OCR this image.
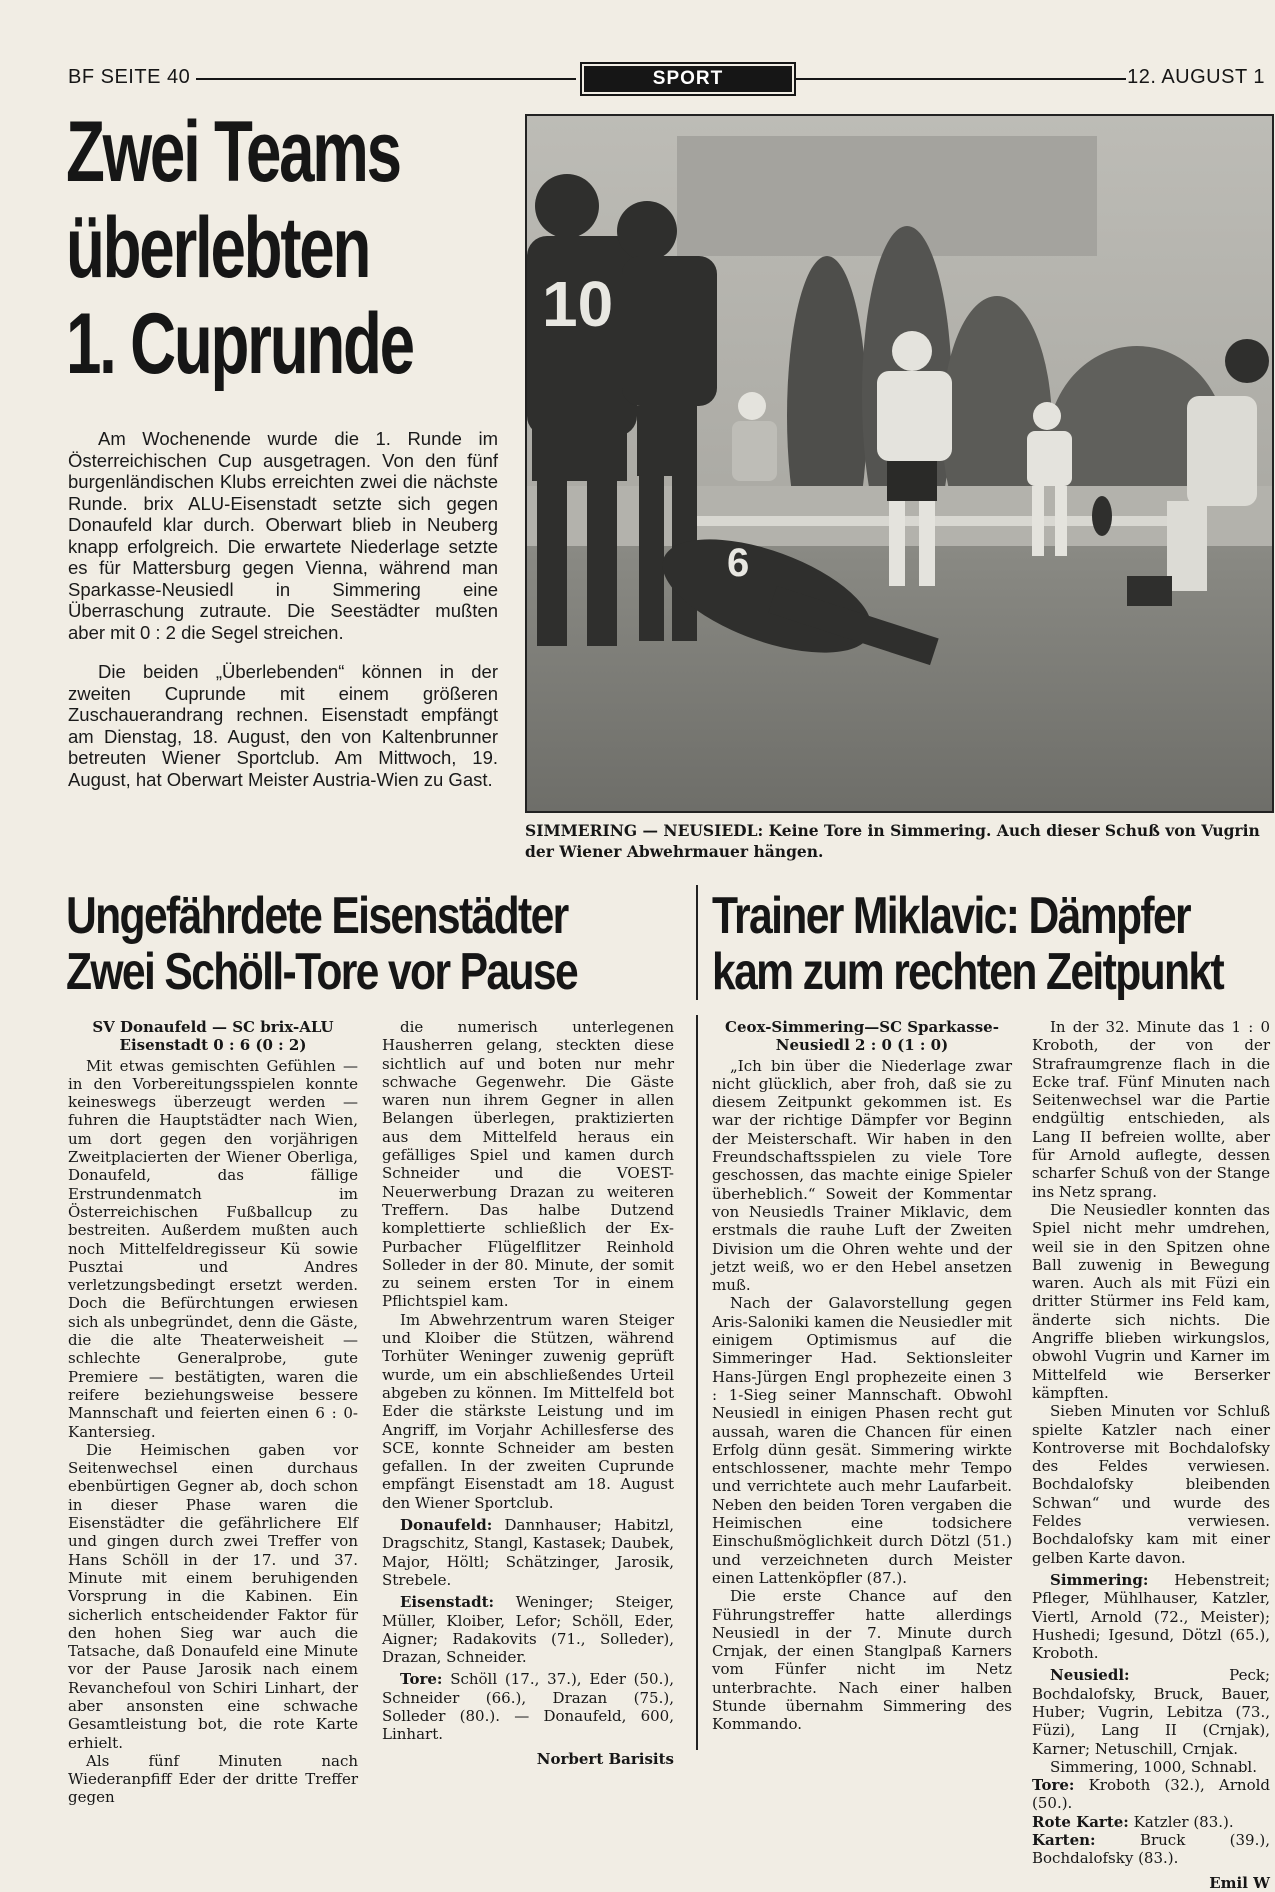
BF SEITE 40	SPORT	12. AUGUST 1
Zwei Teams
überlebten
1. Cuprunde

Am Wochenende wurde die 1. Runde im Österreichischen Cup ausgetragen. Von den fünf burgenländischen Klubs erreichten zwei die nächste Runde. brix ALU-Eisenstadt setzte sich gegen Donaufeld klar durch. Oberwart blieb in Neuberg knapp erfolgreich. Die erwartete Niederlage setzte es für Mattersburg gegen Vienna, während man Sparkasse-Neusiedl in Simmering eine Überraschung zutraute. Die Seestädter mußten aber mit 0 : 2 die Segel streichen.

Die beiden „Überlebenden“ können in der zweiten Cuprunde mit einem größeren Zuschauerandrang rechnen. Eisenstadt empfängt am Dienstag, 18. August, den von Kaltenbrunner betreuten Wiener Sportclub. Am Mittwoch, 19. August, hat Oberwart Meister Austria-Wien zu Gast.

10
6
SIMMERING — NEUSIEDL: Keine Tore in Simmering. Auch dieser Schuß von Vugrin
der Wiener Abwehrmauer hängen.
Ungefährdete Eisenstädter
Zwei Schöll-Tore vor Pause
Trainer Miklavic: Dämpfer
kam zum rechten Zeitpunkt

SV Donaufeld — SC brix-ALU Eisenstadt 0 : 6 (0 : 2)

Mit etwas gemischten Gefühlen — in den Vorbereitungsspielen konnte keineswegs überzeugt werden — fuhren die Hauptstädter nach Wien, um dort gegen den vorjährigen Zweitplacierten der Wiener Oberliga, Donaufeld, das fällige Erstrundenmatch im Österreichischen Fußballcup zu bestreiten. Außerdem mußten auch noch Mittelfeldregisseur Kü sowie Pusztai und Andres verletzungsbedingt ersetzt werden. Doch die Befürchtungen erwiesen sich als unbegründet, denn die Gäste, die die alte Theaterweisheit — schlechte Generalprobe, gute Premiere — bestätigten, waren die reifere beziehungsweise bessere Mannschaft und feierten einen 6 : 0-Kantersieg.

Die Heimischen gaben vor Seitenwechsel einen durchaus ebenbürtigen Gegner ab, doch schon in dieser Phase waren die Eisenstädter die gefährlichere Elf und gingen durch zwei Treffer von Hans Schöll in der 17. und 37. Minute mit einem beruhigenden Vorsprung in die Kabinen. Ein sicherlich entscheidender Faktor für den hohen Sieg war auch die Tatsache, daß Donaufeld eine Minute vor der Pause Jarosik nach einem Revanchefoul von Schiri Linhart, der aber ansonsten eine schwache Gesamtleistung bot, die rote Karte erhielt.

Als fünf Minuten nach Wiederanpfiff Eder der dritte Treffer gegen

die numerisch unterlegenen Hausherren gelang, steckten diese sichtlich auf und boten nur mehr schwache Gegenwehr. Die Gäste waren nun ihrem Gegner in allen Belangen überlegen, praktizierten aus dem Mittelfeld heraus ein gefälliges Spiel und kamen durch Schneider und die VOEST-Neuerwerbung Drazan zu weiteren Treffern. Das halbe Dutzend komplettierte schließlich der Ex-Purbacher Flügelflitzer Reinhold Solleder in der 80. Minute, der somit zu seinem ersten Tor in einem Pflichtspiel kam.

Im Abwehrzentrum waren Steiger und Kloiber die Stützen, während Torhüter Weninger zuwenig geprüft wurde, um ein abschließendes Urteil abgeben zu können. Im Mittelfeld bot Eder die stärkste Leistung und im Angriff, im Vorjahr Achillesferse des SCE, konnte Schneider am besten gefallen. In der zweiten Cuprunde empfängt Eisenstadt am 18. August den Wiener Sportclub.

Donaufeld: Dannhauser; Habitzl, Dragschitz, Stangl, Kastasek; Daubek, Major, Höltl; Schätzinger, Jarosik, Strebele.

Eisenstadt: Weninger; Steiger, Müller, Kloiber, Lefor; Schöll, Eder, Aigner; Radakovits (71., Solleder), Drazan, Schneider.

Tore: Schöll (17., 37.), Eder (50.), Schneider (66.), Drazan (75.), Solleder (80.). — Donaufeld, 600, Linhart.

Norbert Barisits

Ceox-Simmering—SC Sparkasse-Neusiedl 2 : 0 (1 : 0)

„Ich bin über die Niederlage zwar nicht glücklich, aber froh, daß sie zu diesem Zeitpunkt gekommen ist. Es war der richtige Dämpfer vor Beginn der Meisterschaft. Wir haben in den Freundschaftsspielen zu viele Tore geschossen, das machte einige Spieler überheblich.“ Soweit der Kommentar von Neusiedls Trainer Miklavic, dem erstmals die rauhe Luft der Zweiten Division um die Ohren wehte und der jetzt weiß, wo er den Hebel ansetzen muß.

Nach der Galavorstellung gegen Aris-Saloniki kamen die Neusiedler mit einigem Optimismus auf die Simmeringer Had. Sektionsleiter Hans-Jürgen Engl prophezeite einen 3 : 1-Sieg seiner Mannschaft. Obwohl Neusiedl in einigen Phasen recht gut aussah, waren die Chancen für einen Erfolg dünn gesät. Simmering wirkte entschlossener, machte mehr Tempo und verrichtete auch mehr Laufarbeit. Neben den beiden Toren vergaben die Heimischen eine todsichere Einschußmöglichkeit durch Dötzl (51.) und verzeichneten durch Meister einen Lattenköpfler (87.).

Die erste Chance auf den Führungstreffer hatte allerdings Neusiedl in der 7. Minute durch Crnjak, der einen Stanglpaß Karners vom Fünfer nicht im Netz unterbrachte. Nach einer halben Stunde übernahm Simmering des Kommando.

In der 32. Minute das 1 : 0 Kroboth, der von der Strafraumgrenze flach in die Ecke traf. Fünf Minuten nach Seitenwechsel war die Partie endgültig entschieden, als Lang II befreien wollte, aber für Arnold auflegte, dessen scharfer Schuß von der Stange ins Netz sprang.

Die Neusiedler konnten das Spiel nicht mehr umdrehen, weil sie in den Spitzen ohne Ball zuwenig in Bewegung waren. Auch als mit Füzi ein dritter Stürmer ins Feld kam, änderte sich nichts. Die Angriffe blieben wirkungslos, obwohl Vugrin und Karner im Mittelfeld wie Berserker kämpften.

Sieben Minuten vor Schluß spielte Katzler nach einer Kontroverse mit Bochdalofsky des Feldes verwiesen. Bochdalofsky bleibenden Schwan“ und wurde des Feldes verwiesen. Bochdalofsky kam mit einer gelben Karte davon.

Simmering: Hebenstreit; Pfleger, Mühlhauser, Katzler, Viertl, Arnold (72., Meister); Hushedi; Igesund, Dötzl (65.), Kroboth.

Neusiedl:	Peck; Bochdalofsky, Bruck, Bauer, Huber; Vugrin, Lebitza (73., Füzi), Lang II (Crnjak), Karner; Netuschill, Crnjak.

Simmering, 1000, Schnabl.

Tore: Kroboth (32.), Arnold (50.).

Rote Karte: Katzler (83.).

Karten:	Bruck (39.), Bochdalofsky (83.).

Emil W
